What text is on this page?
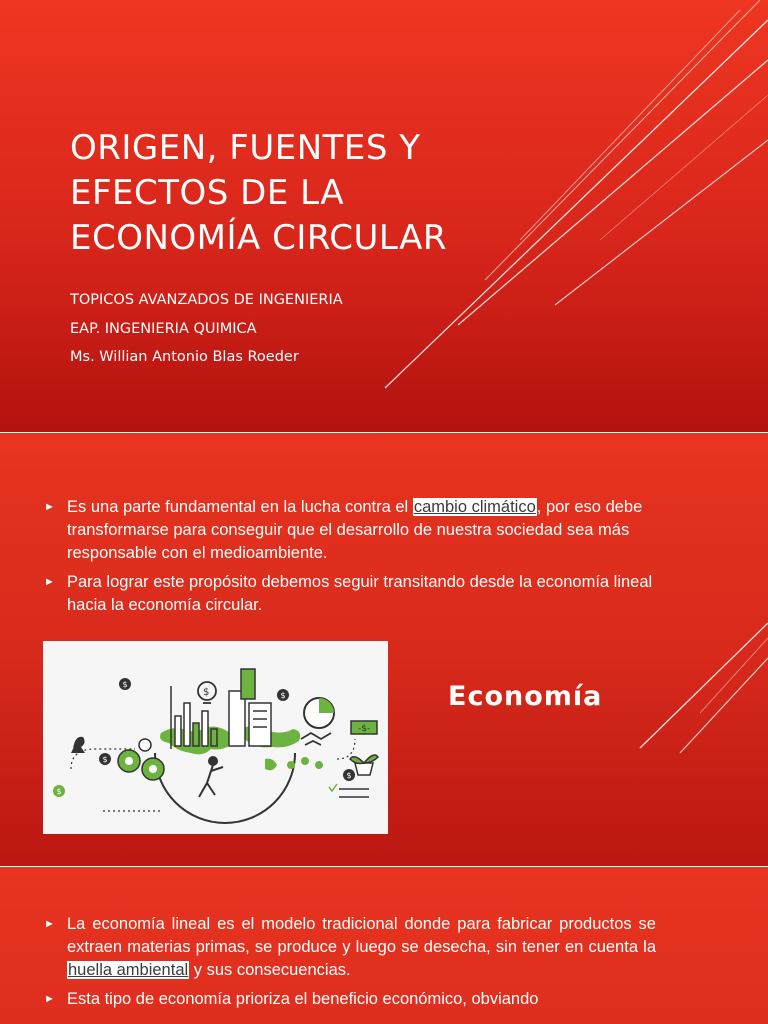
ORIGEN, FUENTES Y
EFECTOS DE LA
ECONOMÍA CIRCULAR
TOPICOS AVANZADOS DE INGENIERIA
EAP. INGENIERIA QUIMICA
Ms. Willian Antonio Blas Roeder
► Es una parte fundamental en la lucha contra el cambio climático, por eso debe transformarse para conseguir que el desarrollo de nuestra sociedad sea más responsable con el medioambiente.
► Para lograr este propósito debemos seguir transitando desde la economía lineal hacia la economía circular.
$
-$-
$
$
$
$
$
Economía
► La economía lineal es el modelo tradicional donde para fabricar productos se extraen materias primas, se produce y luego se desecha, sin tener en cuenta la huella ambiental y sus consecuencias.
► Esta tipo de economía prioriza el beneficio económico, obviando
